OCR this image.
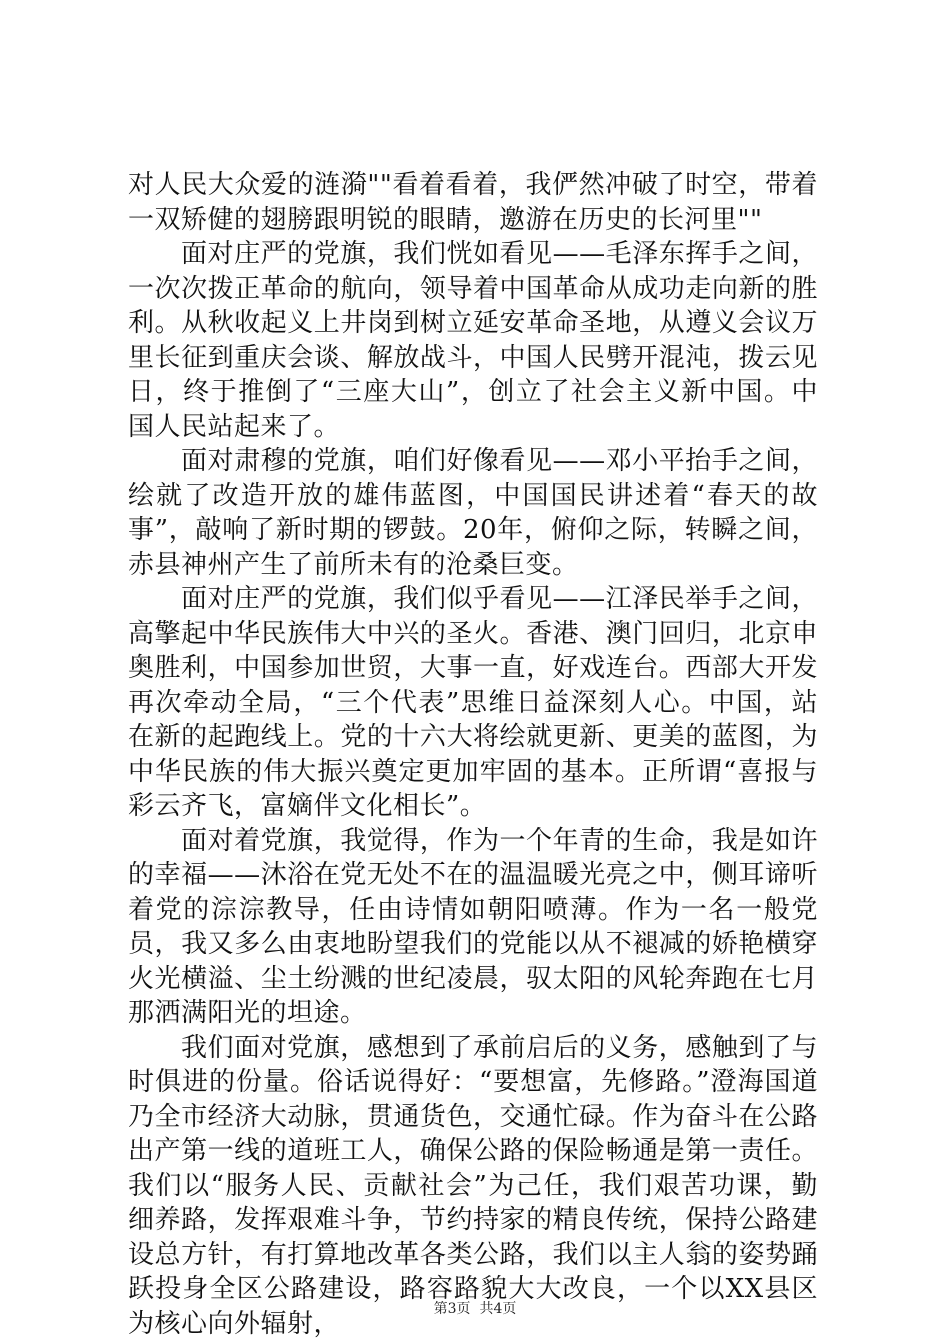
对人民大众爱的涟漪""看着看着，我俨然冲破了时空，带着一双矫健的翅膀跟明锐的眼睛，邀游在历史的长河里""

面对庄严的党旗，我们恍如看见——毛泽东挥手之间，一次次拨正革命的航向，领导着中国革命从成功走向新的胜利。从秋收起义上井岗到树立延安革命圣地，从遵义会议万里长征到重庆会谈、解放战斗，中国人民劈开混沌，拨云见日，终于推倒了“三座大山”，创立了社会主义新中国。中国人民站起来了。

面对肃穆的党旗，咱们好像看见——邓小平抬手之间，绘就了改造开放的雄伟蓝图，中国国民讲述着“春天的故事”，敲响了新时期的锣鼓。20年，俯仰之际，转瞬之间，赤县神州产生了前所未有的沧桑巨变。

面对庄严的党旗，我们似乎看见——江泽民举手之间，高擎起中华民族伟大中兴的圣火。香港、澳门回归，北京申奥胜利，中国参加世贸，大事一直，好戏连台。西部大开发再次牵动全局，“三个代表”思维日益深刻人心。中国，站在新的起跑线上。党的十六大将绘就更新、更美的蓝图，为中华民族的伟大振兴奠定更加牢固的基本。正所谓“喜报与彩云齐飞，富嫡伴文化相长”。

面对着党旗，我觉得，作为一个年青的生命，我是如许的幸福——沐浴在党无处不在的温温暖光亮之中，侧耳谛听着党的淙淙教导，任由诗情如朝阳喷薄。作为一名一般党员，我又多么由衷地盼望我们的党能以从不褪减的娇艳横穿火光横溢、尘土纷溅的世纪凌晨，驭太阳的风轮奔跑在七月那洒满阳光的坦途。

我们面对党旗，感想到了承前启后的义务，感触到了与时俱进的份量。俗话说得好：“要想富，先修路。”澄海国道乃全市经济大动脉，贯通货色，交通忙碌。作为奋斗在公路出产第一线的道班工人，确保公路的保险畅通是第一责任。我们以“服务人民、贡献社会”为己任，我们艰苦功课，勤细养路，发挥艰难斗争，节约持家的精良传统，保持公路建设总方针，有打算地改革各类公路，我们以主人翁的姿势踊跃投身全区公路建设，路容路貌大大改良，一个以XX县区为核心向外辐射，	第3页  共4页
